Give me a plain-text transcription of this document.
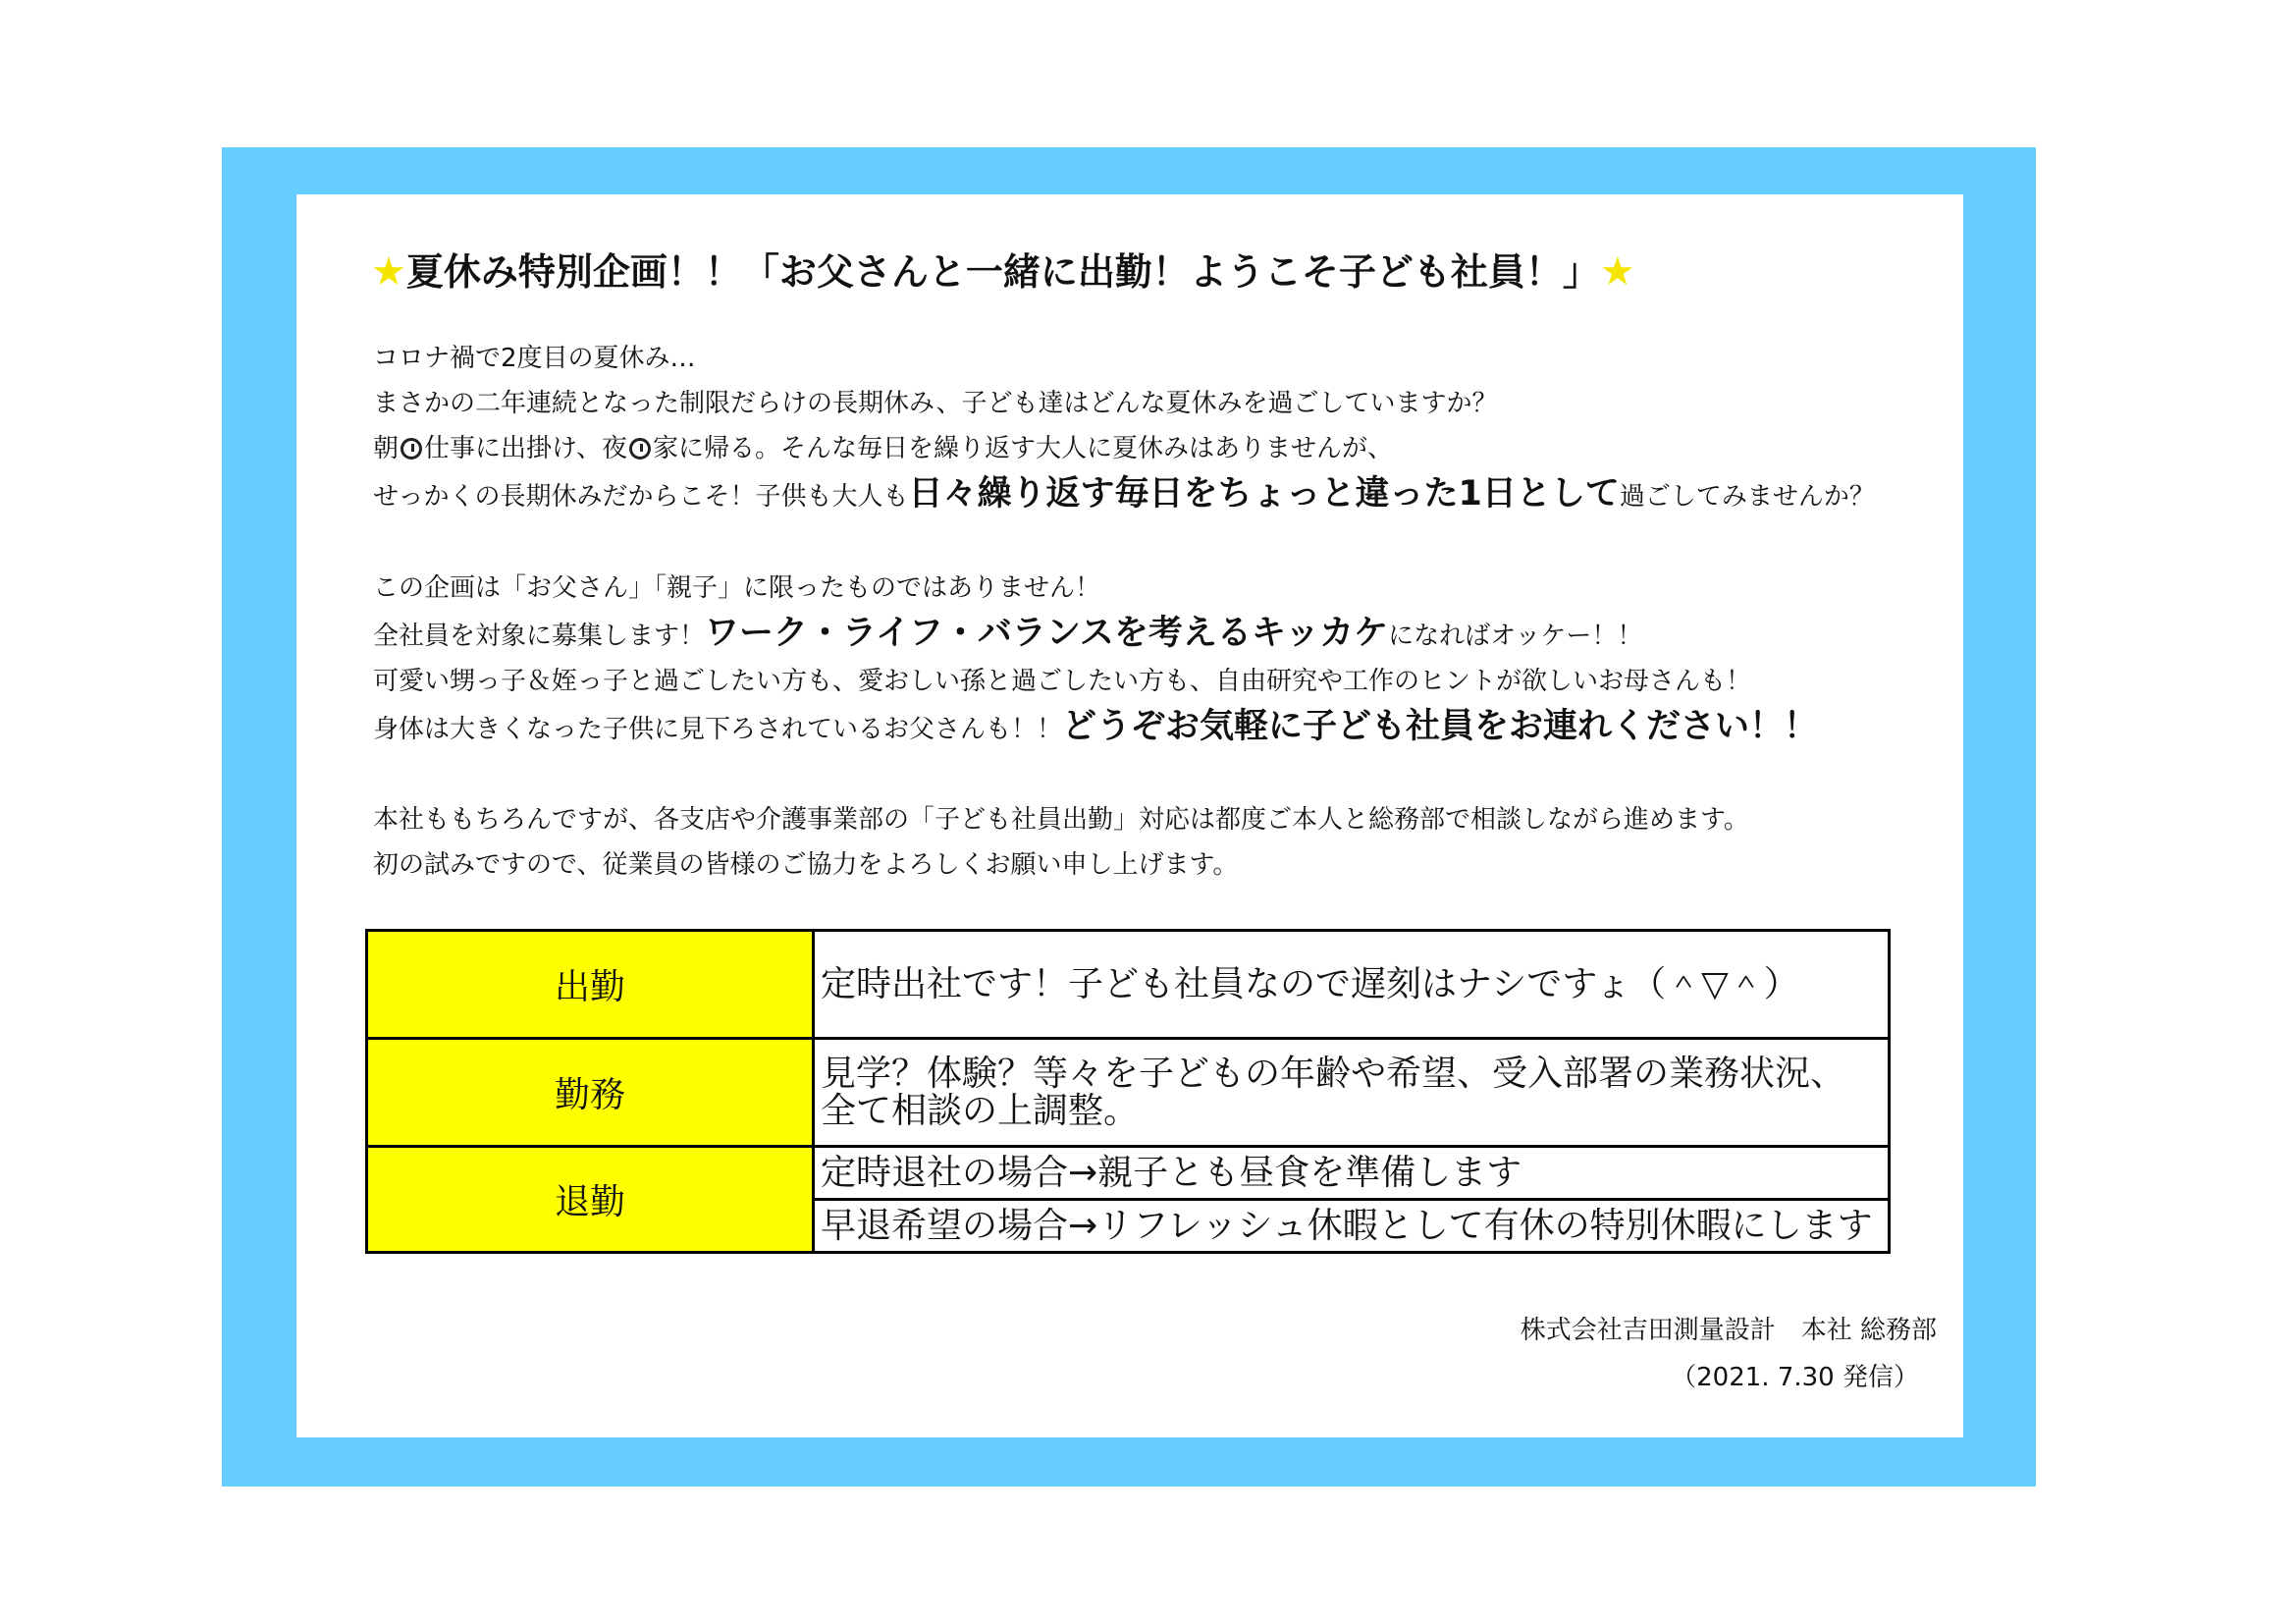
★夏休み特別企画！！「お父さんと一緒に出勤！ようこそ子ども社員！」★
コロナ禍で2度目の夏休み…
まさかの二年連続となった制限だらけの長期休み、子ども達はどんな夏休みを過ごしていますか？
朝 仕事に出掛け、夜 家に帰る。そんな毎日を繰り返す大人に夏休みはありませんが、
せっかくの長期休みだからこそ！子供も大人も日々繰り返す毎日をちょっと違った1日として過ごしてみませんか？
この企画は「お父さん」「親子」に限ったものではありません！
全社員を対象に募集します！ワーク・ライフ・バランスを考えるキッカケになればオッケー！！
可愛い甥っ子＆姪っ子と過ごしたい方も、愛おしい孫と過ごしたい方も、自由研究や工作のヒントが欲しいお母さんも！
身体は大きくなった子供に見下ろされているお父さんも！！どうぞお気軽に子ども社員をお連れください！！
本社ももちろんですが、各支店や介護事業部の「子ども社員出勤」対応は都度ご本人と総務部で相談しながら進めます。
初の試みですので、従業員の皆様のご協力をよろしくお願い申し上げます。
出勤	定時出社です！子ども社員なので遅刻はナシですょ（＾▽＾）
勤務	見学？体験？等々を子どもの年齢や希望、受入部署の業務状況、
全て相談の上調整。
退勤	定時退社の場合→親子とも昼食を準備します
	早退希望の場合→リフレッシュ休暇として有休の特別休暇にします
株式会社吉田測量設計　本社 総務部
（2021. 7.30 発信）
